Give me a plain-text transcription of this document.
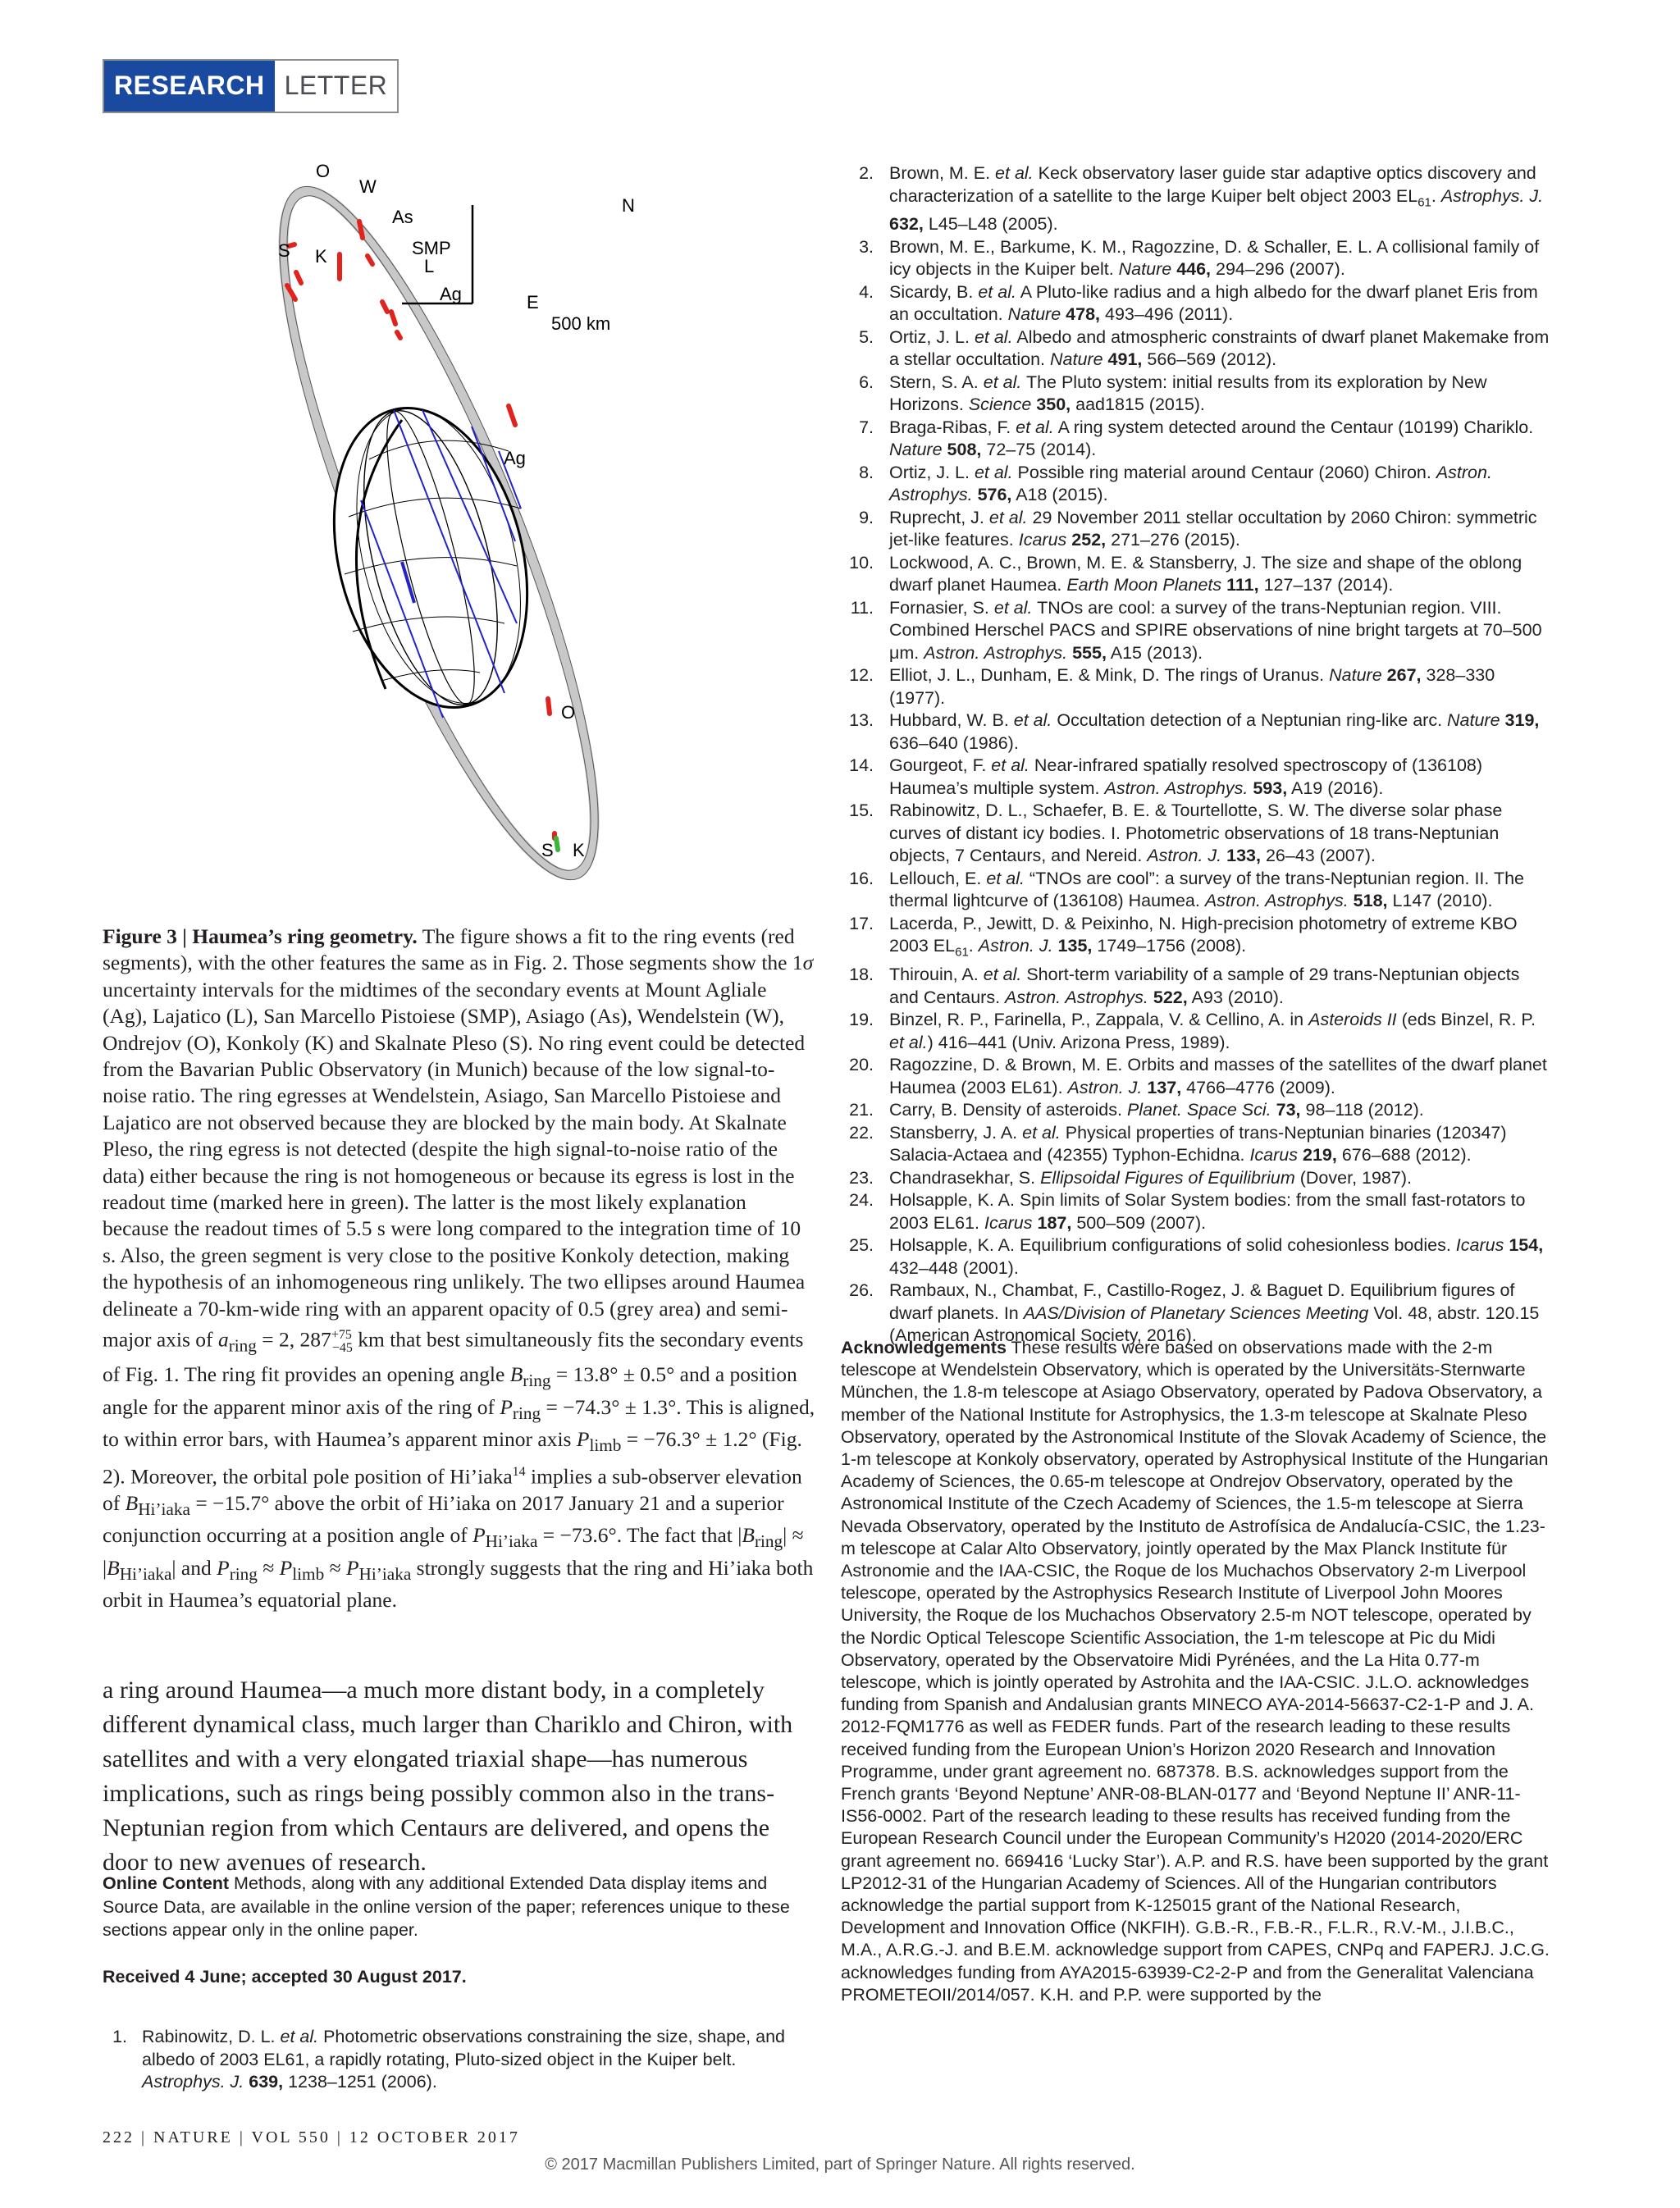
RESEARCH LETTER
O
W
As
S K	SMP
L
Ag
N
E
500 km
Ag
O
S K
Figure 3 | Haumea’s ring geometry. The figure shows a fit to the ring events (red segments), with the other features the same as in Fig. 2. Those segments show the 1σ uncertainty intervals for the midtimes of the secondary events at Mount Agliale (Ag), Lajatico (L), San Marcello Pistoiese (SMP), Asiago (As), Wendelstein (W), Ondrejov (O), Konkoly (K) and Skalnate Pleso (S). No ring event could be detected from the Bavarian Public Observatory (in Munich) because of the low signal-to-noise ratio. The ring egresses at Wendelstein, Asiago, San Marcello Pistoiese and Lajatico are not observed because they are blocked by the main body. At Skalnate Pleso, the ring egress is not detected (despite the high signal-to-noise ratio of the data) either because the ring is not homogeneous or because its egress is lost in the readout time (marked here in green). The latter is the most likely explanation because the readout times of 5.5 s were long compared to the integration time of 10 s. Also, the green segment is very close to the positive Konkoly detection, making the hypothesis of an inhomogeneous ring unlikely. The two ellipses around Haumea delineate a 70-km-wide ring with an apparent opacity of 0.5 (grey area) and semi-major axis of $a_{ring} = 2$, $287^{+75}_{-45}$ km that best simultaneously fits the secondary events of Fig. 1. The ring fit provides an opening angle $B_{ring} = 13.8^\circ \pm 0.5^\circ$ and a position angle for the apparent minor axis of the ring of $P_{ring} = -74.3^\circ \pm 1.3^\circ$. This is aligned, to within error bars, with Haumea’s apparent minor axis $P_{limb} = -76.3^\circ \pm 1.2^\circ$ (Fig. 2). Moreover, the orbital pole position of Hi’iaka$^{14}$ implies a sub-observer elevation of $B_{Hi’iaka} = -15.7^\circ$ above the orbit of Hi’iaka on 2017 January 21 and a superior conjunction occurring at a position angle of $P_{Hi’iaka} = -73.6^\circ$. The fact that $|B_{ring}| \approx |B_{Hi’iaka}|$ and $P_{ring} \approx P_{limb} \approx P_{Hi’iaka}$ strongly suggests that the ring and Hi’iaka both orbit in Haumea’s equatorial plane.
a ring around Haumea—a much more distant body, in a completely different dynamical class, much larger than Chariklo and Chiron, with satellites and with a very elongated triaxial shape—has numerous implications, such as rings being possibly common also in the trans-Neptunian region from which Centaurs are delivered, and opens the door to new avenues of research.
Online Content Methods, along with any additional Extended Data display items and Source Data, are available in the online version of the paper; references unique to these sections appear only in the online paper.
Received 4 June; accepted 30 August 2017.
1. Rabinowitz, D. L. et al. Photometric observations constraining the size, shape, and albedo of 2003 EL61, a rapidly rotating, Pluto-sized object in the Kuiper belt. Astrophys. J. 639, 1238–1251 (2006).
2. Brown, M. E. et al. Keck observatory laser guide star adaptive optics discovery and characterization of a satellite to the large Kuiper belt object 2003 $EL_{61}$. Astrophys. J. 632, L45–L48 (2005).
3. Brown, M. E., Barkume, K. M., Ragozzine, D. & Schaller, E. L. A collisional family of icy objects in the Kuiper belt. Nature 446, 294–296 (2007).
4. Sicardy, B. et al. A Pluto-like radius and a high albedo for the dwarf planet Eris from an occultation. Nature 478, 493–496 (2011).
5. Ortiz, J. L. et al. Albedo and atmospheric constraints of dwarf planet Makemake from a stellar occultation. Nature 491, 566–569 (2012).
6. Stern, S. A. et al. The Pluto system: initial results from its exploration by New Horizons. Science 350, aad1815 (2015).
7. Braga-Ribas, F. et al. A ring system detected around the Centaur (10199) Chariklo. Nature 508, 72–75 (2014).
8. Ortiz, J. L. et al. Possible ring material around Centaur (2060) Chiron. Astron. Astrophys. 576, A18 (2015).
9. Ruprecht, J. et al. 29 November 2011 stellar occultation by 2060 Chiron: symmetric jet-like features. Icarus 252, 271–276 (2015).
10. Lockwood, A. C., Brown, M. E. & Stansberry, J. The size and shape of the oblong dwarf planet Haumea. Earth Moon Planets 111, 127–137 (2014).
11. Fornasier, S. et al. TNOs are cool: a survey of the trans-Neptunian region. VIII. Combined Herschel PACS and SPIRE observations of nine bright targets at 70–500 μm. Astron. Astrophys. 555, A15 (2013).
12. Elliot, J. L., Dunham, E. & Mink, D. The rings of Uranus. Nature 267, 328–330 (1977).
13. Hubbard, W. B. et al. Occultation detection of a Neptunian ring-like arc. Nature 319, 636–640 (1986).
14. Gourgeot, F. et al. Near-infrared spatially resolved spectroscopy of (136108) Haumea’s multiple system. Astron. Astrophys. 593, A19 (2016).
15. Rabinowitz, D. L., Schaefer, B. E. & Tourtellotte, S. W. The diverse solar phase curves of distant icy bodies. I. Photometric observations of 18 trans-Neptunian objects, 7 Centaurs, and Nereid. Astron. J. 133, 26–43 (2007).
16. Lellouch, E. et al. “TNOs are cool”: a survey of the trans-Neptunian region. II. The thermal lightcurve of (136108) Haumea. Astron. Astrophys. 518, L147 (2010).
17. Lacerda, P., Jewitt, D. & Peixinho, N. High-precision photometry of extreme KBO 2003 $EL_{61}$. Astron. J. 135, 1749–1756 (2008).
18. Thirouin, A. et al. Short-term variability of a sample of 29 trans-Neptunian objects and Centaurs. Astron. Astrophys. 522, A93 (2010).
19. Binzel, R. P., Farinella, P., Zappala, V. & Cellino, A. in Asteroids II (eds Binzel, R. P. et al.) 416–441 (Univ. Arizona Press, 1989).
20. Ragozzine, D. & Brown, M. E. Orbits and masses of the satellites of the dwarf planet Haumea (2003 EL61). Astron. J. 137, 4766–4776 (2009).
21. Carry, B. Density of asteroids. Planet. Space Sci. 73, 98–118 (2012).
22. Stansberry, J. A. et al. Physical properties of trans-Neptunian binaries (120347) Salacia-Actaea and (42355) Typhon-Echidna. Icarus 219, 676–688 (2012).
23. Chandrasekhar, S. Ellipsoidal Figures of Equilibrium (Dover, 1987).
24. Holsapple, K. A. Spin limits of Solar System bodies: from the small fast-rotators to 2003 EL61. Icarus 187, 500–509 (2007).
25. Holsapple, K. A. Equilibrium configurations of solid cohesionless bodies. Icarus 154, 432–448 (2001).
26. Rambaux, N., Chambat, F., Castillo-Rogez, J. & Baguet D. Equilibrium figures of dwarf planets. In AAS/Division of Planetary Sciences Meeting Vol. 48, abstr. 120.15 (American Astronomical Society, 2016).
Acknowledgements These results were based on observations made with the 2-m telescope at Wendelstein Observatory, which is operated by the Universitäts-Sternwarte München, the 1.8-m telescope at Asiago Observatory, operated by Padova Observatory, a member of the National Institute for Astrophysics, the 1.3-m telescope at Skalnate Pleso Observatory, operated by the Astronomical Institute of the Slovak Academy of Science, the 1-m telescope at Konkoly observatory, operated by Astrophysical Institute of the Hungarian Academy of Sciences, the 0.65-m telescope at Ondrejov Observatory, operated by the Astronomical Institute of the Czech Academy of Sciences, the 1.5-m telescope at Sierra Nevada Observatory, operated by the Instituto de Astrofísica de Andalucía-CSIC, the 1.23-m telescope at Calar Alto Observatory, jointly operated by the Max Planck Institute für Astronomie and the IAA-CSIC, the Roque de los Muchachos Observatory 2-m Liverpool telescope, operated by the Astrophysics Research Institute of Liverpool John Moores University, the Roque de los Muchachos Observatory 2.5-m NOT telescope, operated by the Nordic Optical Telescope Scientific Association, the 1-m telescope at Pic du Midi Observatory, operated by the Observatoire Midi Pyrénées, and the La Hita 0.77-m telescope, which is jointly operated by Astrohita and the IAA-CSIC. J.L.O. acknowledges funding from Spanish and Andalusian grants MINECO AYA-2014-56637-C2-1-P and J. A. 2012-FQM1776 as well as FEDER funds. Part of the research leading to these results received funding from the European Union’s Horizon 2020 Research and Innovation Programme, under grant agreement no. 687378. B.S. acknowledges support from the French grants ‘Beyond Neptune’ ANR-08-BLAN-0177 and ‘Beyond Neptune II’ ANR-11-IS56-0002. Part of the research leading to these results has received funding from the European Research Council under the European Community’s H2020 (2014-2020/ERC grant agreement no. 669416 ‘Lucky Star’). A.P. and R.S. have been supported by the grant LP2012-31 of the Hungarian Academy of Sciences. All of the Hungarian contributors acknowledge the partial support from K-125015 grant of the National Research, Development and Innovation Office (NKFIH). G.B.-R., F.B.-R., F.L.R., R.V.-M., J.I.B.C., M.A., A.R.G.-J. and B.E.M. acknowledge support from CAPES, CNPq and FAPERJ. J.C.G. acknowledges funding from AYA2015-63939-C2-2-P and from the Generalitat Valenciana PROMETEOII/2014/057. K.H. and P.P. were supported by the
222 | NATURE | VOL 550 | 12 OCTOBER 2017
© 2017 Macmillan Publishers Limited, part of Springer Nature. All rights reserved.
